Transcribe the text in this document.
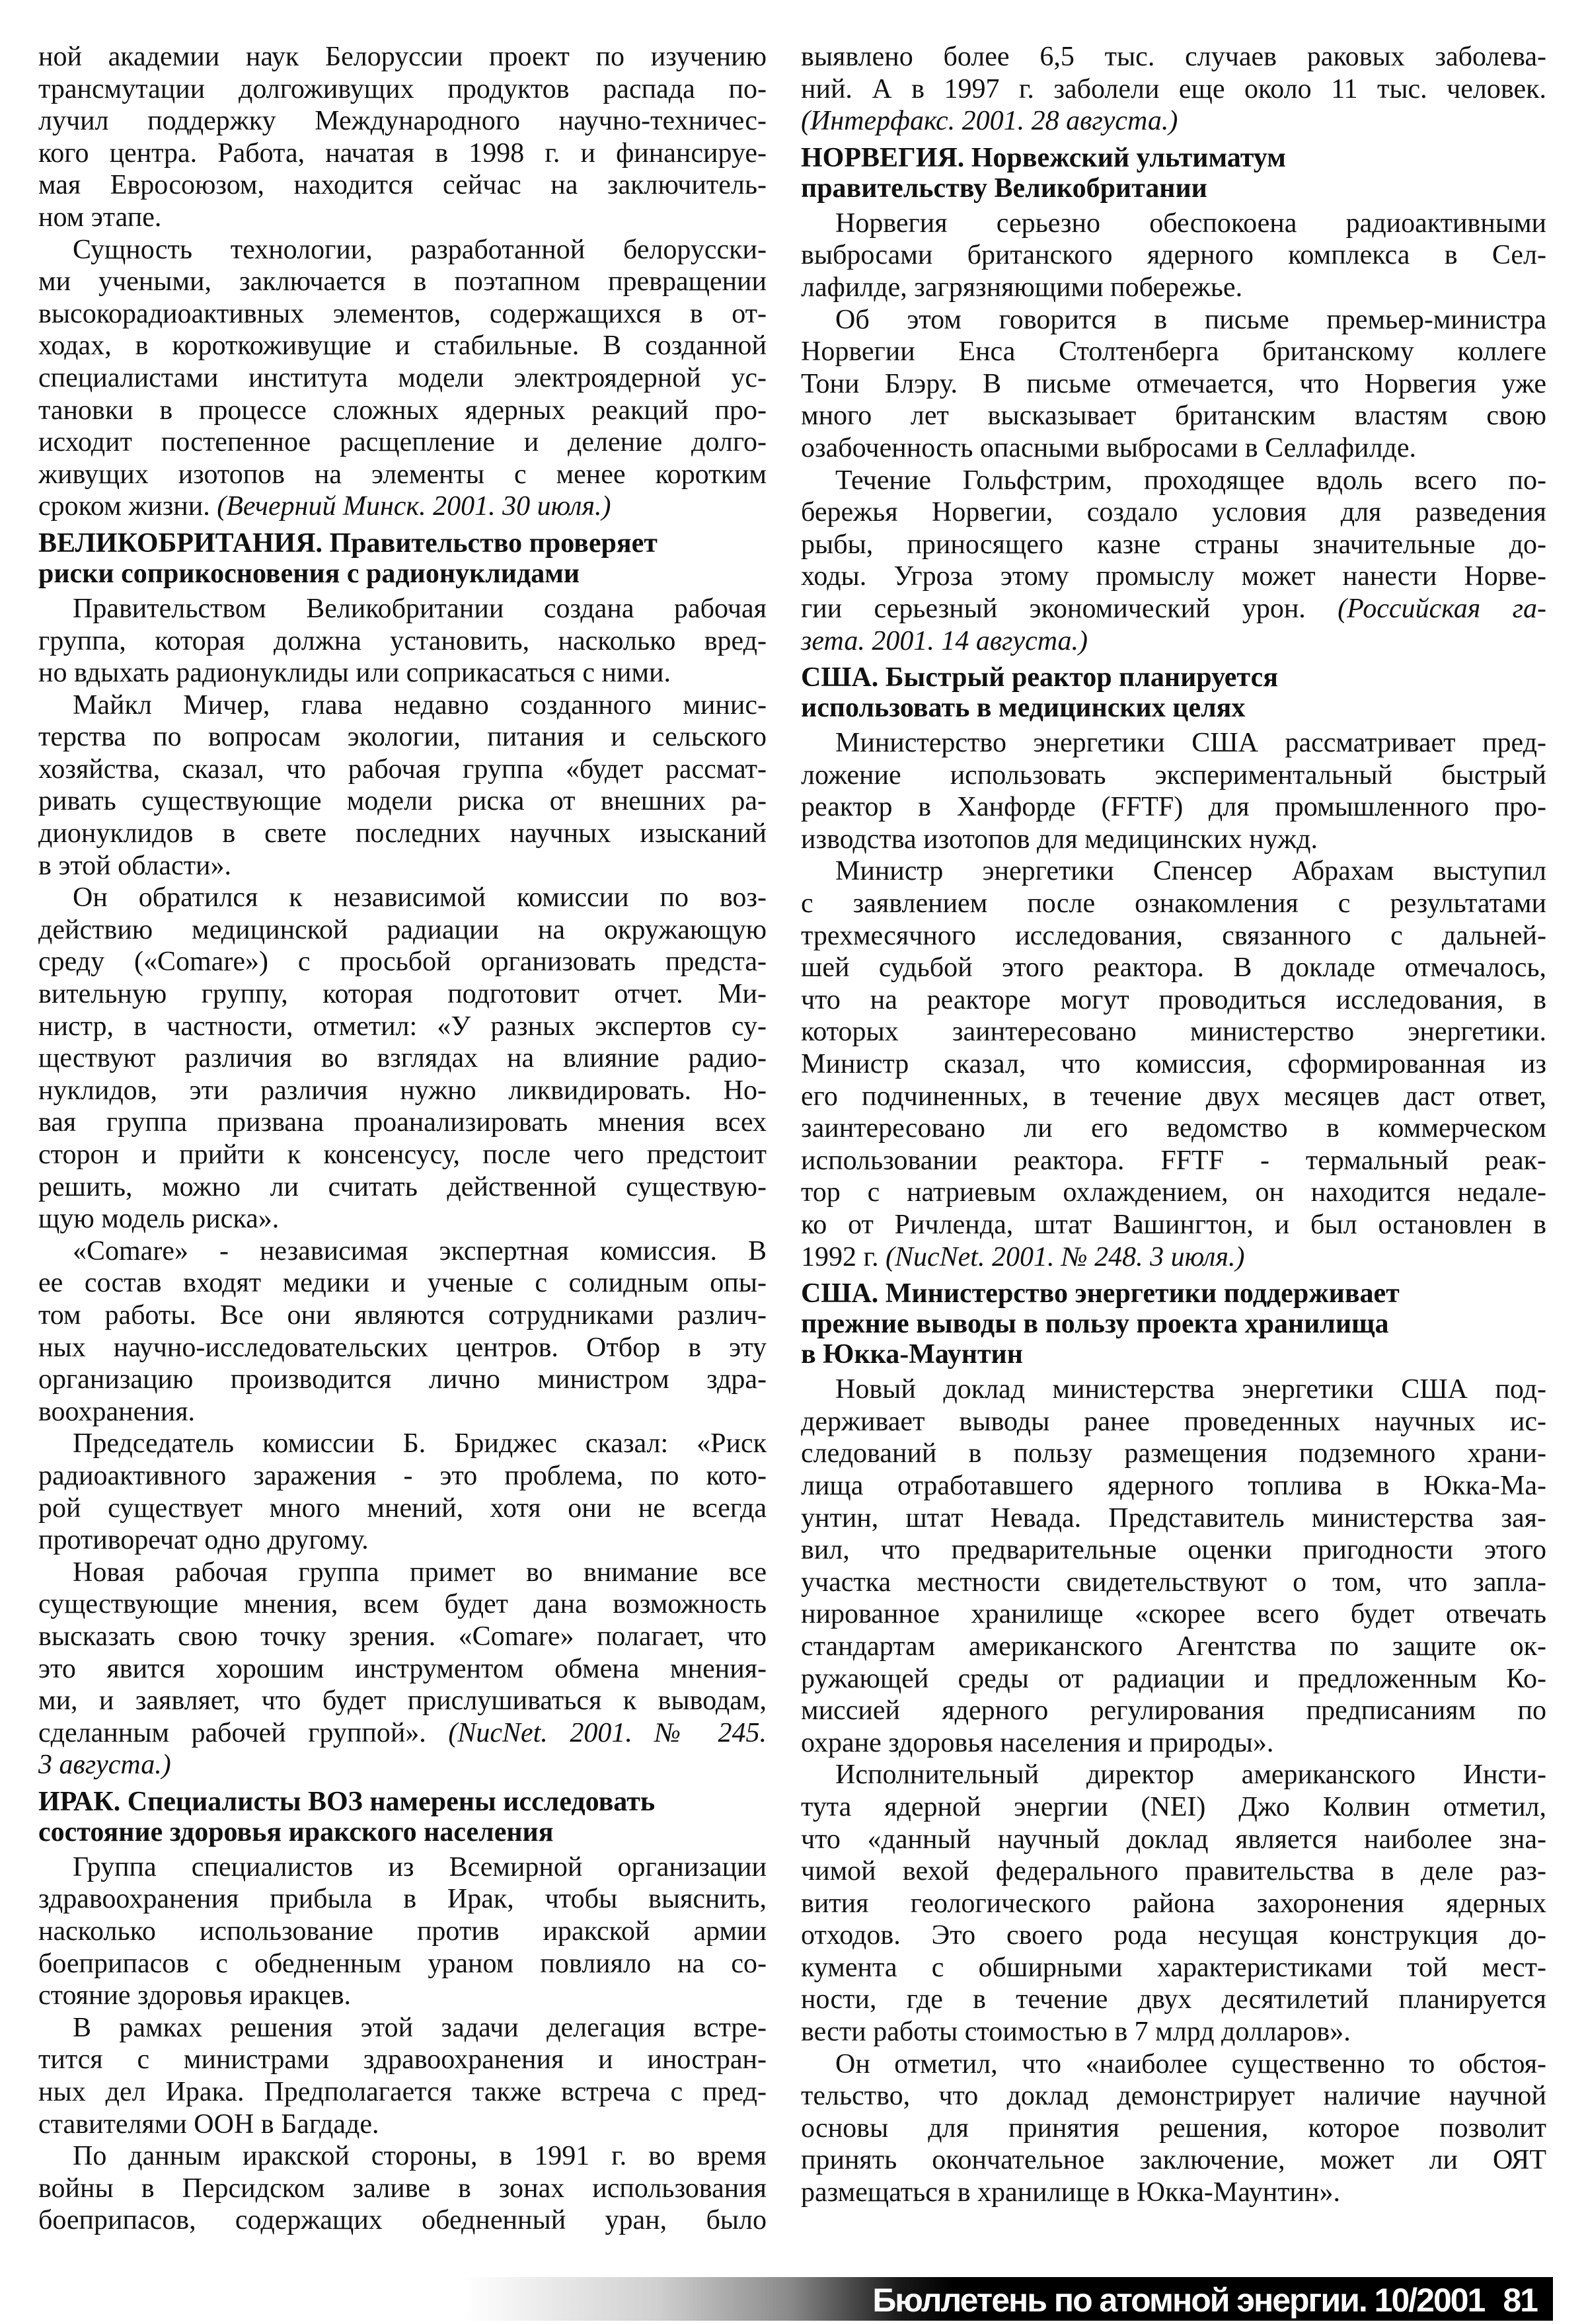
ной академии наук Белоруссии проект по изучению
трансмутации долгоживущих продуктов распада по-
лучил поддержку Международного научно-техничес-
кого центра. Работа, начатая в 1998 г. и финансируе-
мая Евросоюзом, находится сейчас на заключитель-
ном этапе.
Сущность технологии, разработанной белорусски-
ми учеными, заключается в поэтапном превращении
высокорадиоактивных элементов, содержащихся в от-
ходах, в короткоживущие и стабильные. В созданной
специалистами института модели электроядерной ус-
тановки в процессе сложных ядерных реакций про-
исходит постепенное расщепление и деление долго-
живущих изотопов на элементы с менее коротким
сроком жизни. (Вечерний Минск. 2001. 30 июля.)
ВЕЛИКОБРИТАНИЯ. Правительство проверяет
риски соприкосновения с радионуклидами
Правительством Великобритании создана рабочая
группа, которая должна установить, насколько вред-
но вдыхать радионуклиды или соприкасаться с ними.
Майкл Мичер, глава недавно созданного минис-
терства по вопросам экологии, питания и сельского
хозяйства, сказал, что рабочая группа «будет рассмат-
ривать существующие модели риска от внешних ра-
дионуклидов в свете последних научных изысканий
в этой области».
Он обратился к независимой комиссии по воз-
действию медицинской радиации на окружающую
среду («Comare») с просьбой организовать предста-
вительную группу, которая подготовит отчет. Ми-
нистр, в частности, отметил: «У разных экспертов су-
ществуют различия во взглядах на влияние радио-
нуклидов, эти различия нужно ликвидировать. Но-
вая группа призвана проанализировать мнения всех
сторон и прийти к консенсусу, после чего предстоит
решить, можно ли считать действенной существую-
щую модель риска».
«Comare» - независимая экспертная комиссия. В
ее состав входят медики и ученые с солидным опы-
том работы. Все они являются сотрудниками различ-
ных научно-исследовательских центров. Отбор в эту
организацию производится лично министром здра-
воохранения.
Председатель комиссии Б. Бриджес сказал: «Риск
радиоактивного заражения - это проблема, по кото-
рой существует много мнений, хотя они не всегда
противоречат одно другому.
Новая рабочая группа примет во внимание все
существующие мнения, всем будет дана возможность
высказать свою точку зрения. «Comare» полагает, что
это явится хорошим инструментом обмена мнения-
ми, и заявляет, что будет прислушиваться к выводам,
сделанным рабочей группой». (NucNet. 2001. № 245.
3 августа.)
ИРАК. Специалисты ВОЗ намерены исследовать
состояние здоровья иракского населения
Группа специалистов из Всемирной организации
здравоохранения прибыла в Ирак, чтобы выяснить,
насколько использование против иракской армии
боеприпасов с обедненным ураном повлияло на со-
стояние здоровья иракцев.
В рамках решения этой задачи делегация встре-
тится с министрами здравоохранения и иностран-
ных дел Ирака. Предполагается также встреча с пред-
ставителями ООН в Багдаде.
По данным иракской стороны, в 1991 г. во время
войны в Персидском заливе в зонах использования
боеприпасов, содержащих обедненный уран, было
выявлено более 6,5 тыс. случаев раковых заболева-
ний. А в 1997 г. заболели еще около 11 тыс. человек.
(Интерфакс. 2001. 28 августа.)
НОРВЕГИЯ. Норвежский ультиматум
правительству Великобритании
Норвегия серьезно обеспокоена радиоактивными
выбросами британского ядерного комплекса в Сел-
лафилде, загрязняющими побережье.
Об этом говорится в письме премьер-министра
Норвегии Енса Столтенберга британскому коллеге
Тони Блэру. В письме отмечается, что Норвегия уже
много лет высказывает британским властям свою
озабоченность опасными выбросами в Селлафилде.
Течение Гольфстрим, проходящее вдоль всего по-
бережья Норвегии, создало условия для разведения
рыбы, приносящего казне страны значительные до-
ходы. Угроза этому промыслу может нанести Норве-
гии серьезный экономический урон. (Российская га-
зета. 2001. 14 августа.)
США. Быстрый реактор планируется
использовать в медицинских целях
Министерство энергетики США рассматривает пред-
ложение использовать экспериментальный быстрый
реактор в Ханфорде (FFTF) для промышленного про-
изводства изотопов для медицинских нужд.
Министр энергетики Спенсер Абрахам выступил
с заявлением после ознакомления с результатами
трехмесячного исследования, связанного с дальней-
шей судьбой этого реактора. В докладе отмечалось,
что на реакторе могут проводиться исследования, в
которых заинтересовано министерство энергетики.
Министр сказал, что комиссия, сформированная из
его подчиненных, в течение двух месяцев даст ответ,
заинтересовано ли его ведомство в коммерческом
использовании реактора. FFTF - термальный реак-
тор с натриевым охлаждением, он находится недале-
ко от Ричленда, штат Вашингтон, и был остановлен в
1992 г. (NucNet. 2001. № 248. 3 июля.)
США. Министерство энергетики поддерживает
прежние выводы в пользу проекта хранилища
в Юкка-Маунтин
Новый доклад министерства энергетики США под-
держивает выводы ранее проведенных научных ис-
следований в пользу размещения подземного храни-
лища отработавшего ядерного топлива в Юкка-Ма-
унтин, штат Невада. Представитель министерства зая-
вил, что предварительные оценки пригодности этого
участка местности свидетельствуют о том, что запла-
нированное хранилище «скорее всего будет отвечать
стандартам американского Агентства по защите ок-
ружающей среды от радиации и предложенным Ко-
миссией ядерного регулирования предписаниям по
охране здоровья населения и природы».
Исполнительный директор американского Инсти-
тута ядерной энергии (NEI) Джо Колвин отметил,
что «данный научный доклад является наиболее зна-
чимой вехой федерального правительства в деле раз-
вития геологического района захоронения ядерных
отходов. Это своего рода несущая конструкция до-
кумента с обширными характеристиками той мест-
ности, где в течение двух десятилетий планируется
вести работы стоимостью в 7 млрд долларов».
Он отметил, что «наиболее существенно то обстоя-
тельство, что доклад демонстрирует наличие научной
основы для принятия решения, которое позволит
принять окончательное заключение, может ли ОЯТ
размещаться в хранилище в Юкка-Маунтин».
Бюллетень по атомной энергии. 10/2001 81
